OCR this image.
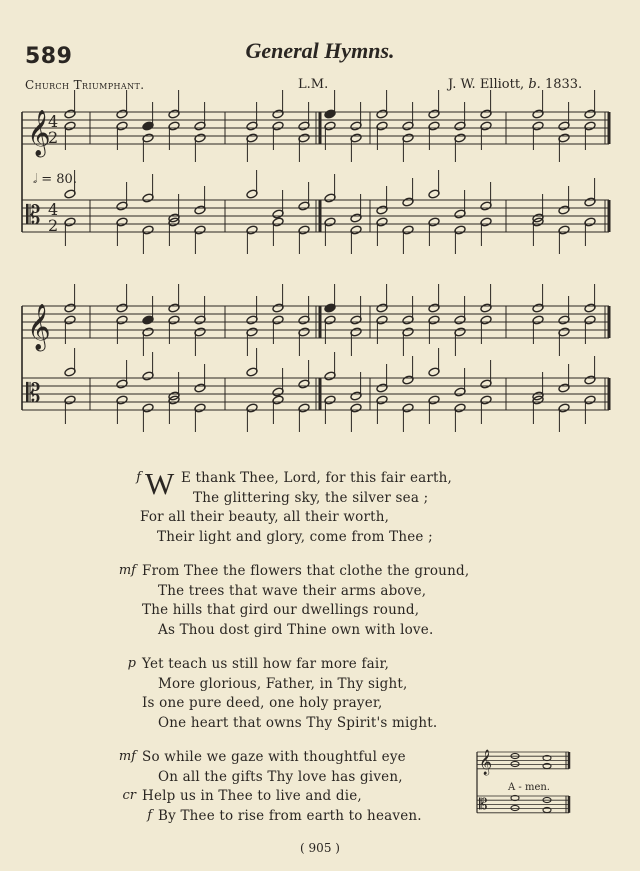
589	General Hymns.
Church Triumphant.	L.M.	J. W. Elliott, b. 1833.
𝄞
𝄡
4
2
4
2
𝄞
𝄡
𝄞
𝄡
𝅗𝅥 = 80.
f W E thank Thee, Lord, for this fair earth,
The glittering sky, the silver sea ;
For all their beauty, all their worth,
Their light and glory, come from Thee ;
mf From Thee the flowers that clothe the ground,
The trees that wave their arms above,
The hills that gird our dwellings round,
As Thou dost gird Thine own with love.
p Yet teach us still how far more fair,
More glorious, Father, in Thy sight,
Is one pure deed, one holy prayer,
One heart that owns Thy Spirit's might.
mf So while we gaze with thoughtful eye
On all the gifts Thy love has given,
cr Help us in Thee to live and die,
f By Thee to rise from earth to heaven.
A - men.
( 905 )
